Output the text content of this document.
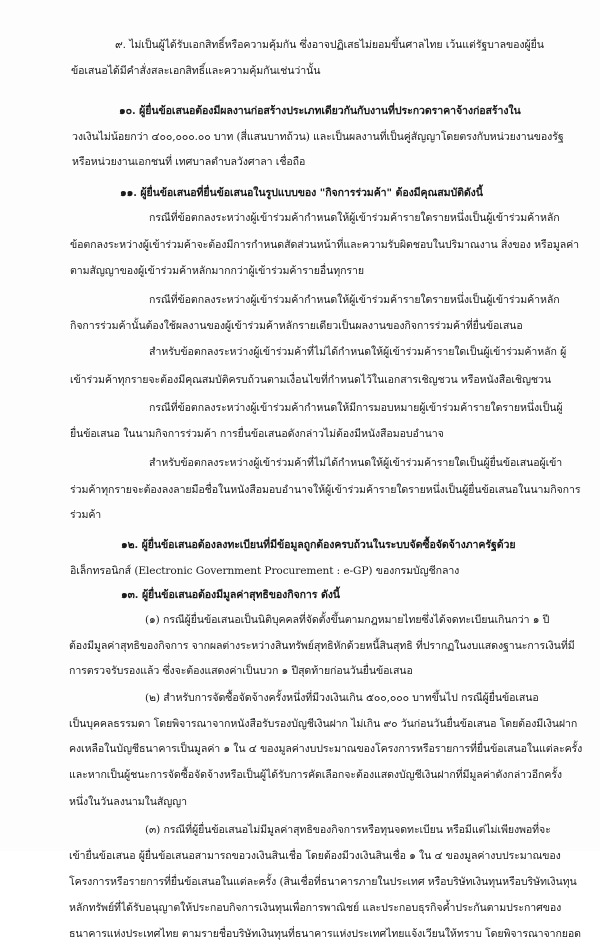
๙. ไม่เป็นผู้ได้รับเอกสิทธิ์หรือความคุ้มกัน ซึ่งอาจปฏิเสธไม่ยอมขึ้นศาลไทย เว้นแต่รัฐบาลของผู้ยื่น
ข้อเสนอได้มีคำสั่งสละเอกสิทธิ์และความคุ้มกันเช่นว่านั้น
๑๐. ผู้ยื่นข้อเสนอต้องมีผลงานก่อสร้างประเภทเดียวกันกับงานที่ประกวดราคาจ้างก่อสร้างใน
วงเงินไม่น้อยกว่า ๔๐๐,๐๐๐.๐๐ บาท (สี่แสนบาทถ้วน) และเป็นผลงานที่เป็นคู่สัญญาโดยตรงกับหน่วยงานของรัฐ
หรือหน่วยงานเอกชนที่ เทศบาลตำบลวังศาลา เชื่อถือ
๑๑. ผู้ยื่นข้อเสนอที่ยื่นข้อเสนอในรูปแบบของ "กิจการร่วมค้า" ต้องมีคุณสมบัติดังนี้
กรณีที่ข้อตกลงระหว่างผู้เข้าร่วมค้ากำหนดให้ผู้เข้าร่วมค้ารายใดรายหนึ่งเป็นผู้เข้าร่วมค้าหลัก
ข้อตกลงระหว่างผู้เข้าร่วมค้าจะต้องมีการกำหนดสัดส่วนหน้าที่และความรับผิดชอบในปริมาณงาน สิ่งของ หรือมูลค่า
ตามสัญญาของผู้เข้าร่วมค้าหลักมากกว่าผู้เข้าร่วมค้ารายอื่นทุกราย
กรณีที่ข้อตกลงระหว่างผู้เข้าร่วมค้ากำหนดให้ผู้เข้าร่วมค้ารายใดรายหนึ่งเป็นผู้เข้าร่วมค้าหลัก
กิจการร่วมค้านั้นต้องใช้ผลงานของผู้เข้าร่วมค้าหลักรายเดียวเป็นผลงานของกิจการร่วมค้าที่ยื่นข้อเสนอ
สำหรับข้อตกลงระหว่างผู้เข้าร่วมค้าที่ไม่ได้กำหนดให้ผู้เข้าร่วมค้ารายใดเป็นผู้เข้าร่วมค้าหลัก ผู้
เข้าร่วมค้าทุกรายจะต้องมีคุณสมบัติครบถ้วนตามเงื่อนไขที่กำหนดไว้ในเอกสารเชิญชวน หรือหนังสือเชิญชวน
กรณีที่ข้อตกลงระหว่างผู้เข้าร่วมค้ากำหนดให้มีการมอบหมายผู้เข้าร่วมค้ารายใดรายหนึ่งเป็นผู้
ยื่นข้อเสนอ ในนามกิจการร่วมค้า การยื่นข้อเสนอดังกล่าวไม่ต้องมีหนังสือมอบอำนาจ
สำหรับข้อตกลงระหว่างผู้เข้าร่วมค้าที่ไม่ได้กำหนดให้ผู้เข้าร่วมค้ารายใดเป็นผู้ยื่นข้อเสนอผู้เข้า
ร่วมค้าทุกรายจะต้องลงลายมือชื่อในหนังสือมอบอำนาจให้ผู้เข้าร่วมค้ารายใดรายหนึ่งเป็นผู้ยื่นข้อเสนอในนามกิจการ
ร่วมค้า
๑๒. ผู้ยื่นข้อเสนอต้องลงทะเบียนที่มีข้อมูลถูกต้องครบถ้วนในระบบจัดซื้อจัดจ้างภาครัฐด้วย
อิเล็กทรอนิกส์ (Electronic Government Procurement : e-GP) ของกรมบัญชีกลาง
๑๓. ผู้ยื่นข้อเสนอต้องมีมูลค่าสุทธิของกิจการ ดังนี้
(๑) กรณีผู้ยื่นข้อเสนอเป็นนิติบุคคลที่จัดตั้งขึ้นตามกฎหมายไทยซึ่งได้จดทะเบียนเกินกว่า ๑ ปี
ต้องมีมูลค่าสุทธิของกิจการ จากผลต่างระหว่างสินทรัพย์สุทธิหักด้วยหนี้สินสุทธิ ที่ปรากฏในงบแสดงฐานะการเงินที่มี
การตรวจรับรองแล้ว ซึ่งจะต้องแสดงค่าเป็นบวก ๑ ปีสุดท้ายก่อนวันยื่นข้อเสนอ
(๒) สำหรับการจัดซื้อจัดจ้างครั้งหนึ่งที่มีวงเงินเกิน ๕๐๐,๐๐๐ บาทขึ้นไป กรณีผู้ยื่นข้อเสนอ
เป็นบุคคลธรรมดา โดยพิจารณาจากหนังสือรับรองบัญชีเงินฝาก ไม่เกิน ๙๐ วันก่อนวันยื่นข้อเสนอ โดยต้องมีเงินฝาก
คงเหลือในบัญชีธนาคารเป็นมูลค่า ๑ ใน ๔ ของมูลค่างบประมาณของโครงการหรือรายการที่ยื่นข้อเสนอในแต่ละครั้ง
และหากเป็นผู้ชนะการจัดซื้อจัดจ้างหรือเป็นผู้ได้รับการคัดเลือกจะต้องแสดงบัญชีเงินฝากที่มีมูลค่าดังกล่าวอีกครั้ง
หนึ่งในวันลงนามในสัญญา
(๓) กรณีที่ผู้ยื่นข้อเสนอไม่มีมูลค่าสุทธิของกิจการหรือทุนจดทะเบียน หรือมีแต่ไม่เพียงพอที่จะ
เข้ายื่นข้อเสนอ ผู้ยื่นข้อเสนอสามารถขอวงเงินสินเชื่อ โดยต้องมีวงเงินสินเชื่อ ๑ ใน ๔ ของมูลค่างบประมาณของ
โครงการหรือรายการที่ยื่นข้อเสนอในแต่ละครั้ง (สินเชื่อที่ธนาคารภายในประเทศ หรือบริษัทเงินทุนหรือบริษัทเงินทุน
หลักทรัพย์ที่ได้รับอนุญาตให้ประกอบกิจการเงินทุนเพื่อการพาณิชย์ และประกอบธุรกิจค้ำประกันตามประกาศของ
ธนาคารแห่งประเทศไทย ตามรายชื่อบริษัทเงินทุนที่ธนาคารแห่งประเทศไทยแจ้งเวียนให้ทราบ โดยพิจารณาจากยอด
